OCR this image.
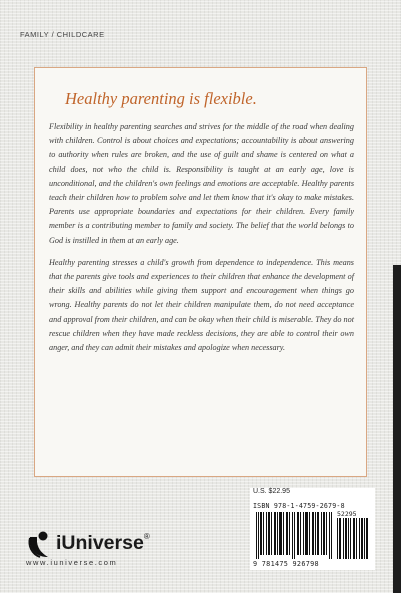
FAMILY / CHILDCARE
Healthy parenting is flexible.

Flexibility in healthy parenting searches and strives for the middle of the road when dealing with children. Control is about choices and expectations; accountability is about answering to authority when rules are broken, and the use of guilt and shame is centered on what a child does, not who the child is. Responsibility is taught at an early age, love is unconditional, and the children's own feelings and emotions are acceptable. Healthy parents teach their children how to problem solve and let them know that it's okay to make mistakes. Parents use appropriate boundaries and expectations for their children. Every family member is a contributing member to family and society. The belief that the world belongs to God is instilled in them at an early age.

Healthy parenting stresses a child's growth from dependence to independence. This means that the parents give tools and experiences to their children that enhance the development of their skills and abilities while giving them support and encouragement when things go wrong. Healthy parents do not let their children manipulate them, do not need acceptance and approval from their children, and can be okay when their child is miserable. They do not rescue children when they have made reckless decisions, they are able to control their own anger, and they can admit their mistakes and apologize when necessary.

U.S. $22.95
ISBN 978-1-4759-2679-8
52295
9 781475 926798
iUniverse®
www.iuniverse.com
